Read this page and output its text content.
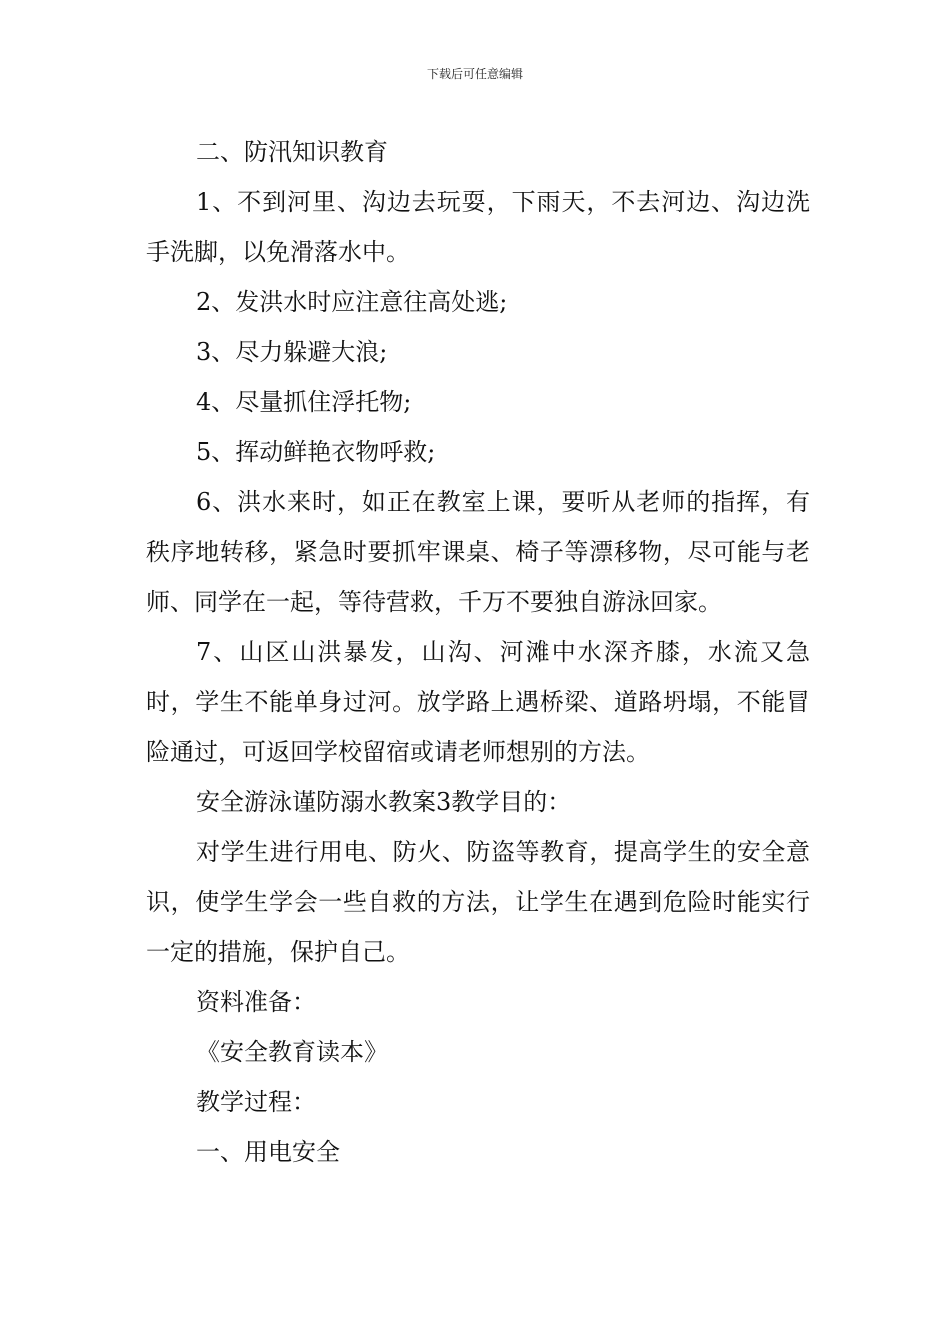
下载后可任意编辑

二、防汛知识教育

1、不到河里、沟边去玩耍，下雨天，不去河边、沟边洗手洗脚，以免滑落水中。

2、发洪水时应注意往高处逃;

3、尽力躲避大浪;

4、尽量抓住浮托物;

5、挥动鲜艳衣物呼救;

6、洪水来时，如正在教室上课，要听从老师的指挥，有秩序地转移，紧急时要抓牢课桌、椅子等漂移物，尽可能与老师、同学在一起，等待营救，千万不要独自游泳回家。

7、山区山洪暴发，山沟、河滩中水深齐膝，水流又急时，学生不能单身过河。放学路上遇桥梁、道路坍塌，不能冒险通过，可返回学校留宿或请老师想别的方法。

安全游泳谨防溺水教案3教学目的：

对学生进行用电、防火、防盗等教育，提高学生的安全意识，使学生学会一些自救的方法，让学生在遇到危险时能实行一定的措施，保护自己。

资料准备：

《安全教育读本》

教学过程：

一、用电安全
